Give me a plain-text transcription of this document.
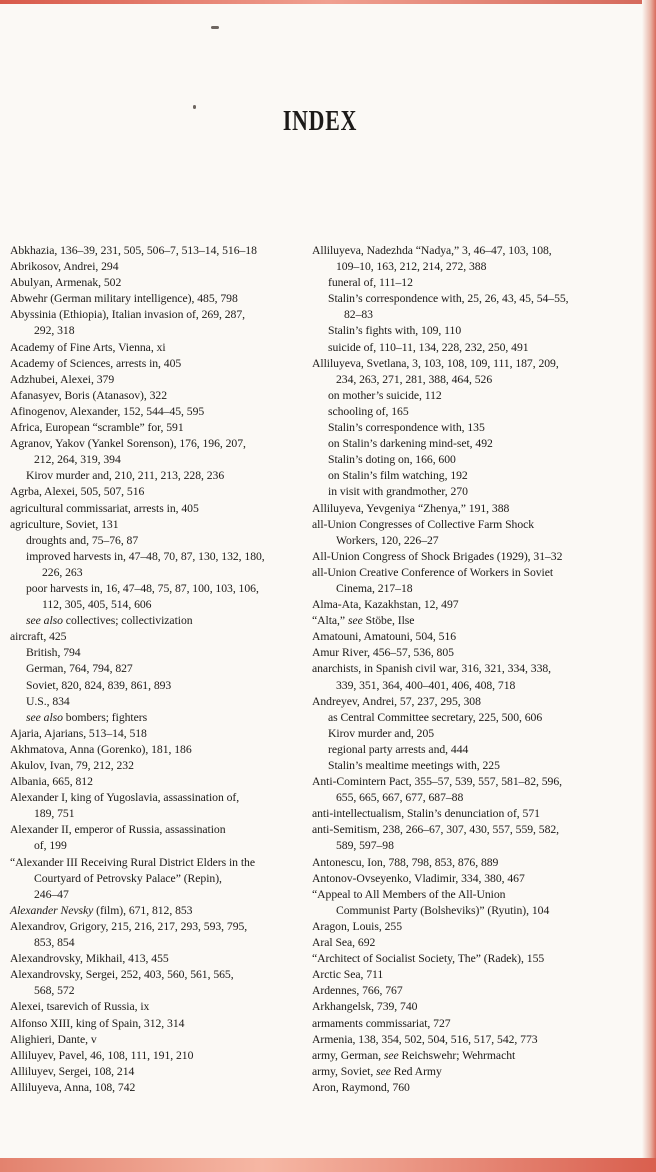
INDEX
Abkhazia, 136–39, 231, 505, 506–7, 513–14, 516–18
Abrikosov, Andrei, 294
Abulyan, Armenak, 502
Abwehr (German military intelligence), 485, 798
Abyssinia (Ethiopia), Italian invasion of, 269, 287,
292, 318
Academy of Fine Arts, Vienna, xi
Academy of Sciences, arrests in, 405
Adzhubei, Alexei, 379
Afanasyev, Boris (Atanasov), 322
Afinogenov, Alexander, 152, 544–45, 595
Africa, European “scramble” for, 591
Agranov, Yakov (Yankel Sorenson), 176, 196, 207,
212, 264, 319, 394
Kirov murder and, 210, 211, 213, 228, 236
Agrba, Alexei, 505, 507, 516
agricultural commissariat, arrests in, 405
agriculture, Soviet, 131
droughts and, 75–76, 87
improved harvests in, 47–48, 70, 87, 130, 132, 180,
226, 263
poor harvests in, 16, 47–48, 75, 87, 100, 103, 106,
112, 305, 405, 514, 606
see also collectives; collectivization
aircraft, 425
British, 794
German, 764, 794, 827
Soviet, 820, 824, 839, 861, 893
U.S., 834
see also bombers; fighters
Ajaria, Ajarians, 513–14, 518
Akhmatova, Anna (Gorenko), 181, 186
Akulov, Ivan, 79, 212, 232
Albania, 665, 812
Alexander I, king of Yugoslavia, assassination of,
189, 751
Alexander II, emperor of Russia, assassination
of, 199
“Alexander III Receiving Rural District Elders in the
Courtyard of Petrovsky Palace” (Repin),
246–47
Alexander Nevsky (film), 671, 812, 853
Alexandrov, Grigory, 215, 216, 217, 293, 593, 795,
853, 854
Alexandrovsky, Mikhail, 413, 455
Alexandrovsky, Sergei, 252, 403, 560, 561, 565,
568, 572
Alexei, tsarevich of Russia, ix
Alfonso XIII, king of Spain, 312, 314
Alighieri, Dante, v
Alliluyev, Pavel, 46, 108, 111, 191, 210
Alliluyev, Sergei, 108, 214
Alliluyeva, Anna, 108, 742
Alliluyeva, Nadezhda “Nadya,” 3, 46–47, 103, 108,
109–10, 163, 212, 214, 272, 388
funeral of, 111–12
Stalin’s correspondence with, 25, 26, 43, 45, 54–55,
82–83
Stalin’s fights with, 109, 110
suicide of, 110–11, 134, 228, 232, 250, 491
Alliluyeva, Svetlana, 3, 103, 108, 109, 111, 187, 209,
234, 263, 271, 281, 388, 464, 526
on mother’s suicide, 112
schooling of, 165
Stalin’s correspondence with, 135
on Stalin’s darkening mind-set, 492
Stalin’s doting on, 166, 600
on Stalin’s film watching, 192
in visit with grandmother, 270
Alliluyeva, Yevgeniya “Zhenya,” 191, 388
all-Union Congresses of Collective Farm Shock
Workers, 120, 226–27
All-Union Congress of Shock Brigades (1929), 31–32
all-Union Creative Conference of Workers in Soviet
Cinema, 217–18
Alma-Ata, Kazakhstan, 12, 497
“Alta,” see Stöbe, Ilse
Amatouni, Amatouni, 504, 516
Amur River, 456–57, 536, 805
anarchists, in Spanish civil war, 316, 321, 334, 338,
339, 351, 364, 400–401, 406, 408, 718
Andreyev, Andrei, 57, 237, 295, 308
as Central Committee secretary, 225, 500, 606
Kirov murder and, 205
regional party arrests and, 444
Stalin’s mealtime meetings with, 225
Anti-Comintern Pact, 355–57, 539, 557, 581–82, 596,
655, 665, 667, 677, 687–88
anti-intellectualism, Stalin’s denunciation of, 571
anti-Semitism, 238, 266–67, 307, 430, 557, 559, 582,
589, 597–98
Antonescu, Ion, 788, 798, 853, 876, 889
Antonov-Ovseyenko, Vladimir, 334, 380, 467
“Appeal to All Members of the All-Union
Communist Party (Bolsheviks)” (Ryutin), 104
Aragon, Louis, 255
Aral Sea, 692
“Architect of Socialist Society, The” (Radek), 155
Arctic Sea, 711
Ardennes, 766, 767
Arkhangelsk, 739, 740
armaments commissariat, 727
Armenia, 138, 354, 502, 504, 516, 517, 542, 773
army, German, see Reichswehr; Wehrmacht
army, Soviet, see Red Army
Aron, Raymond, 760
